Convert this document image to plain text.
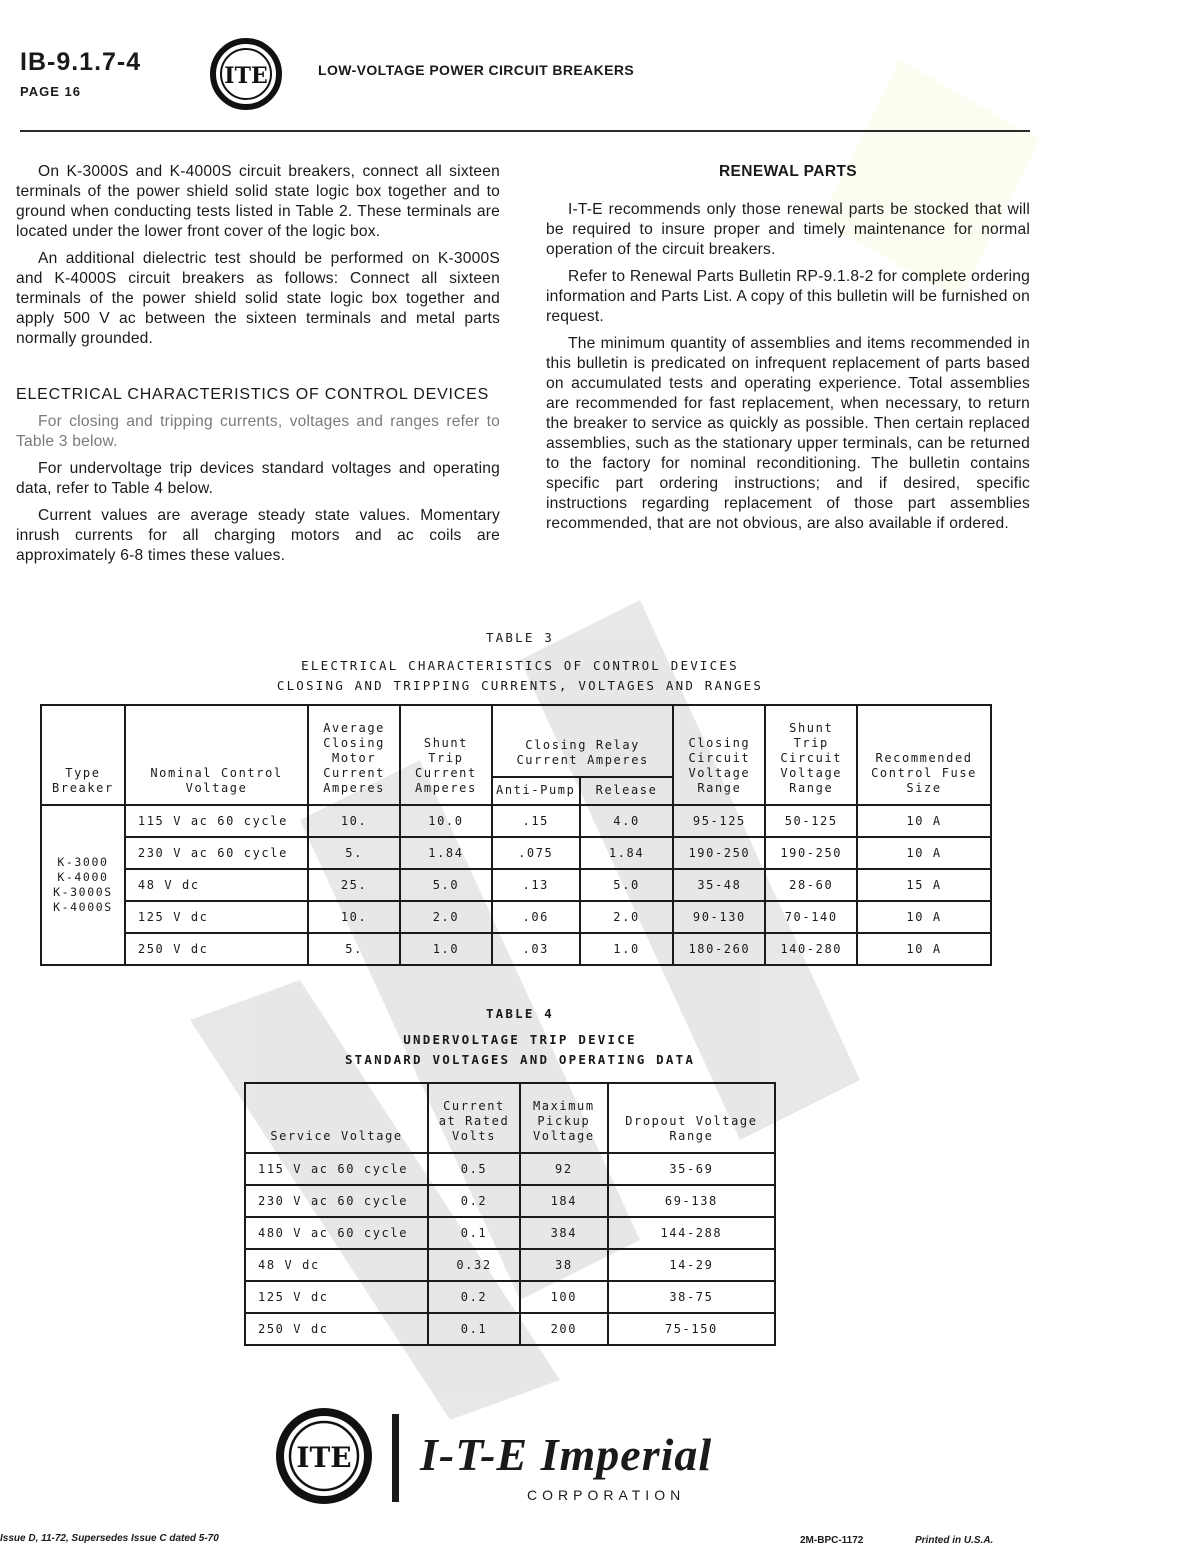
IB-9.1.7-4
PAGE 16
ITE	LOW-VOLTAGE POWER CIRCUIT BREAKERS

On K-3000S and K-4000S circuit breakers, connect all sixteen terminals of the power shield solid state logic box together and to ground when conducting tests listed in Table 2. These terminals are located under the lower front cover of the logic box.

An additional dielectric test should be performed on K-3000S and K-4000S circuit breakers as follows: Connect all sixteen terminals of the power shield solid state logic box together and apply 500 V ac between the sixteen terminals and metal parts normally grounded.

ELECTRICAL CHARACTERISTICS OF CONTROL DEVICES

For closing and tripping currents, voltages and ranges refer to Table 3 below.

For undervoltage trip devices standard voltages and operating data, refer to Table 4 below.

Current values are average steady state values. Momentary inrush currents for all charging motors and ac coils are approximately 6-8 times these values.

RENEWAL PARTS

I-T-E recommends only those renewal parts be stocked that will be required to insure proper and timely maintenance for normal operation of the circuit breakers.

Refer to Renewal Parts Bulletin RP-9.1.8-2 for complete ordering information and Parts List. A copy of this bulletin will be furnished on request.

The minimum quantity of assemblies and items recommended in this bulletin is predicated on infrequent replacement of parts based on accumulated tests and operating experience. Total assemblies are recommended for fast replacement, when necessary, to return the breaker to service as quickly as possible. Then certain replaced assemblies, such as the stationary upper terminals, can be returned to the factory for nominal reconditioning. The bulletin contains specific part ordering instructions; and if desired, specific instructions regarding replacement of those part assemblies recommended, that are not obvious, are also available if ordered.

TABLE 3
ELECTRICAL CHARACTERISTICS OF CONTROL DEVICES
CLOSING AND TRIPPING CURRENTS, VOLTAGES AND RANGES
Type Breaker	Nominal Control Voltage	Average Closing Motor Current Amperes	Shunt Trip Current Amperes	Closing Relay Current Amperes		Closing Circuit Voltage Range	Shunt Trip Circuit Voltage Range	Recommended Control Fuse Size
				Anti-Pump	Release			

K-3000
K-4000
K-3000S
K-4000S	115 V ac 60 cycle	10.	10.0	.15	4.0	95-125	50-125	10 A
	230 V ac 60 cycle	5.	1.84	.075	1.84	190-250	190-250	10 A
	48 V dc	25.	5.0	.13	5.0	35-48	28-60	15 A
	125 V dc	10.	2.0	.06	2.0	90-130	70-140	10 A
	250 V dc	5.	1.0	.03	1.0	180-260	140-280	10 A
TABLE 4
UNDERVOLTAGE TRIP DEVICE
STANDARD VOLTAGES AND OPERATING DATA
Service Voltage	Current at Rated Volts	Maximum Pickup Voltage	Dropout Voltage Range
115 V ac 60 cycle	0.5	92	35-69
230 V ac 60 cycle	0.2	184	69-138
480 V ac 60 cycle	0.1	384	144-288
48 V dc	0.32	38	14-29
125 V dc	0.2	100	38-75
250 V dc	0.1	200	75-150
ITE I-T-E Imperial
CORPORATION
Issue D, 11-72, Supersedes Issue C dated 5-70	2M-BPC-1172	Printed in U.S.A.
